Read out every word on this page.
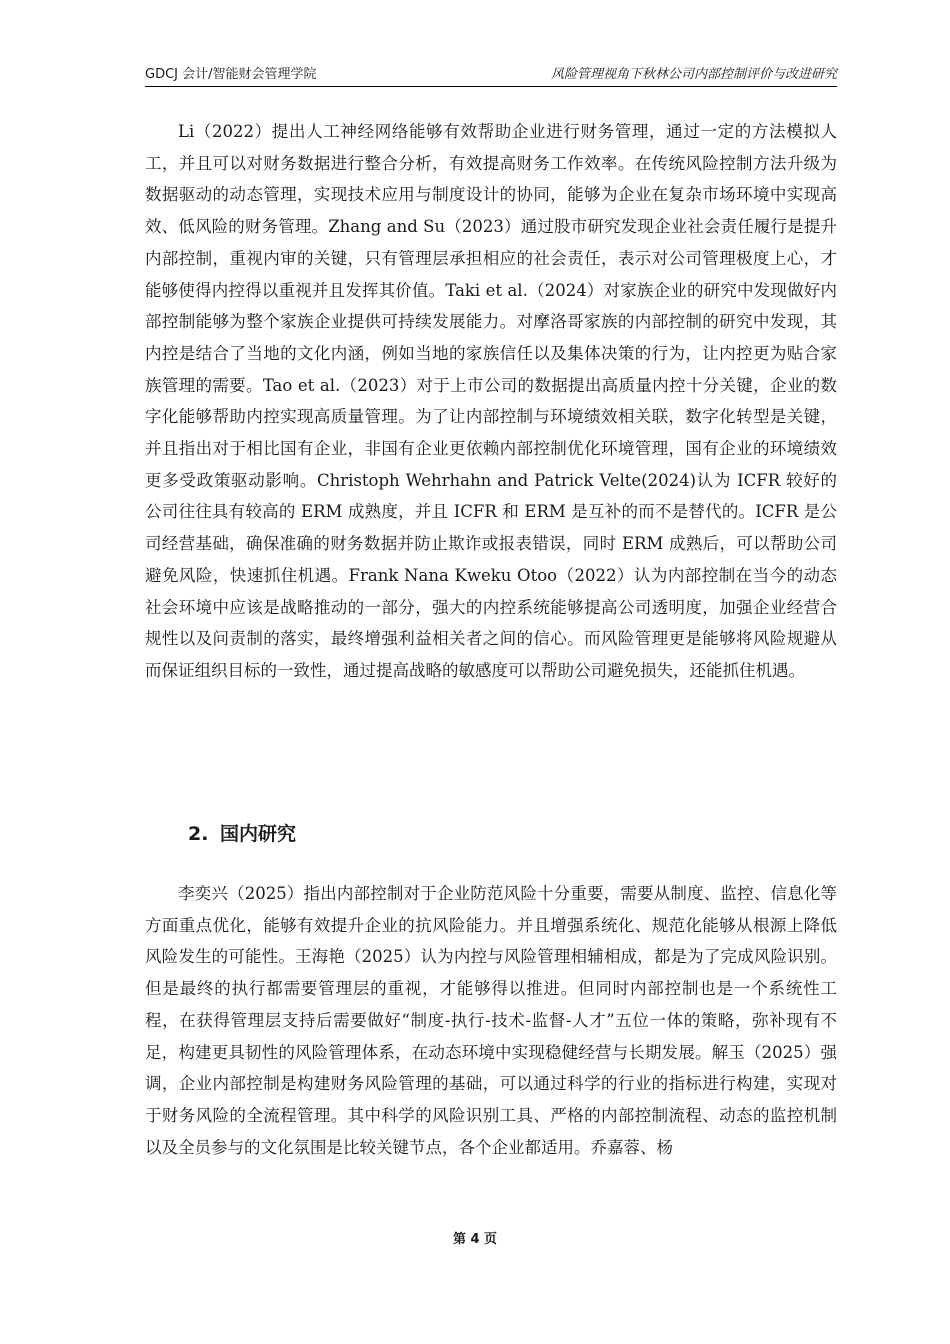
GDCJ 会计/智能财会管理学院	风险管理视角下秋林公司内部控制评价与改进研究

Li（2022）提出人工神经网络能够有效帮助企业进行财务管理，通过一定的方法模拟人工，并且可以对财务数据进行整合分析，有效提高财务工作效率。在传统风险控制方法升级为数据驱动的动态管理，实现技术应用与制度设计的协同，能够为企业在复杂市场环境中实现高效、低风险的财务管理。Zhang and Su（2023）通过股市研究发现企业社会责任履行是提升内部控制，重视内审的关键，只有管理层承担相应的社会责任，表示对公司管理极度上心，才能够使得内控得以重视并且发挥其价值。Taki et al.（2024）对家族企业的研究中发现做好内部控制能够为整个家族企业提供可持续发展能力。对摩洛哥家族的内部控制的研究中发现，其内控是结合了当地的文化内涵，例如当地的家族信任以及集体决策的行为，让内控更为贴合家族管理的需要。Tao et al.（2023）对于上市公司的数据提出高质量内控十分关键，企业的数字化能够帮助内控实现高质量管理。为了让内部控制与环境绩效相关联，数字化转型是关键，并且指出对于相比国有企业，非国有企业更依赖内部控制优化环境管理，国有企业的环境绩效更多受政策驱动影响。Christoph Wehrhahn and Patrick Velte(2024)认为 ICFR 较好的公司往往具有较高的 ERM 成熟度，并且 ICFR 和 ERM 是互补的而不是替代的。ICFR 是公司经营基础，确保准确的财务数据并防止欺诈或报表错误，同时 ERM 成熟后，可以帮助公司避免风险，快速抓住机遇。Frank Nana Kweku Otoo（2022）认为内部控制在当今的动态社会环境中应该是战略推动的一部分，强大的内控系统能够提高公司透明度，加强企业经营合规性以及问责制的落实，最终增强利益相关者之间的信心。而风险管理更是能够将风险规避从而保证组织目标的一致性，通过提高战略的敏感度可以帮助公司避免损失，还能抓住机遇。

2. 国内研究

李奕兴（2025）指出内部控制对于企业防范风险十分重要，需要从制度、监控、信息化等方面重点优化，能够有效提升企业的抗风险能力。并且增强系统化、规范化能够从根源上降低风险发生的可能性。王海艳（2025）认为内控与风险管理相辅相成，都是为了完成风险识别。但是最终的执行都需要管理层的重视，才能够得以推进。但同时内部控制也是一个系统性工程，在获得管理层支持后需要做好“制度-执行-技术-监督-人才”五位一体的策略，弥补现有不足，构建更具韧性的风险管理体系，在动态环境中实现稳健经营与长期发展。解玉（2025）强调，企业内部控制是构建财务风险管理的基础，可以通过科学的行业的指标进行构建，实现对于财务风险的全流程管理。其中科学的风险识别工具、严格的内部控制流程、动态的监控机制以及全员参与的文化氛围是比较关键节点，各个企业都适用。乔嘉蓉、杨

第 4 页
